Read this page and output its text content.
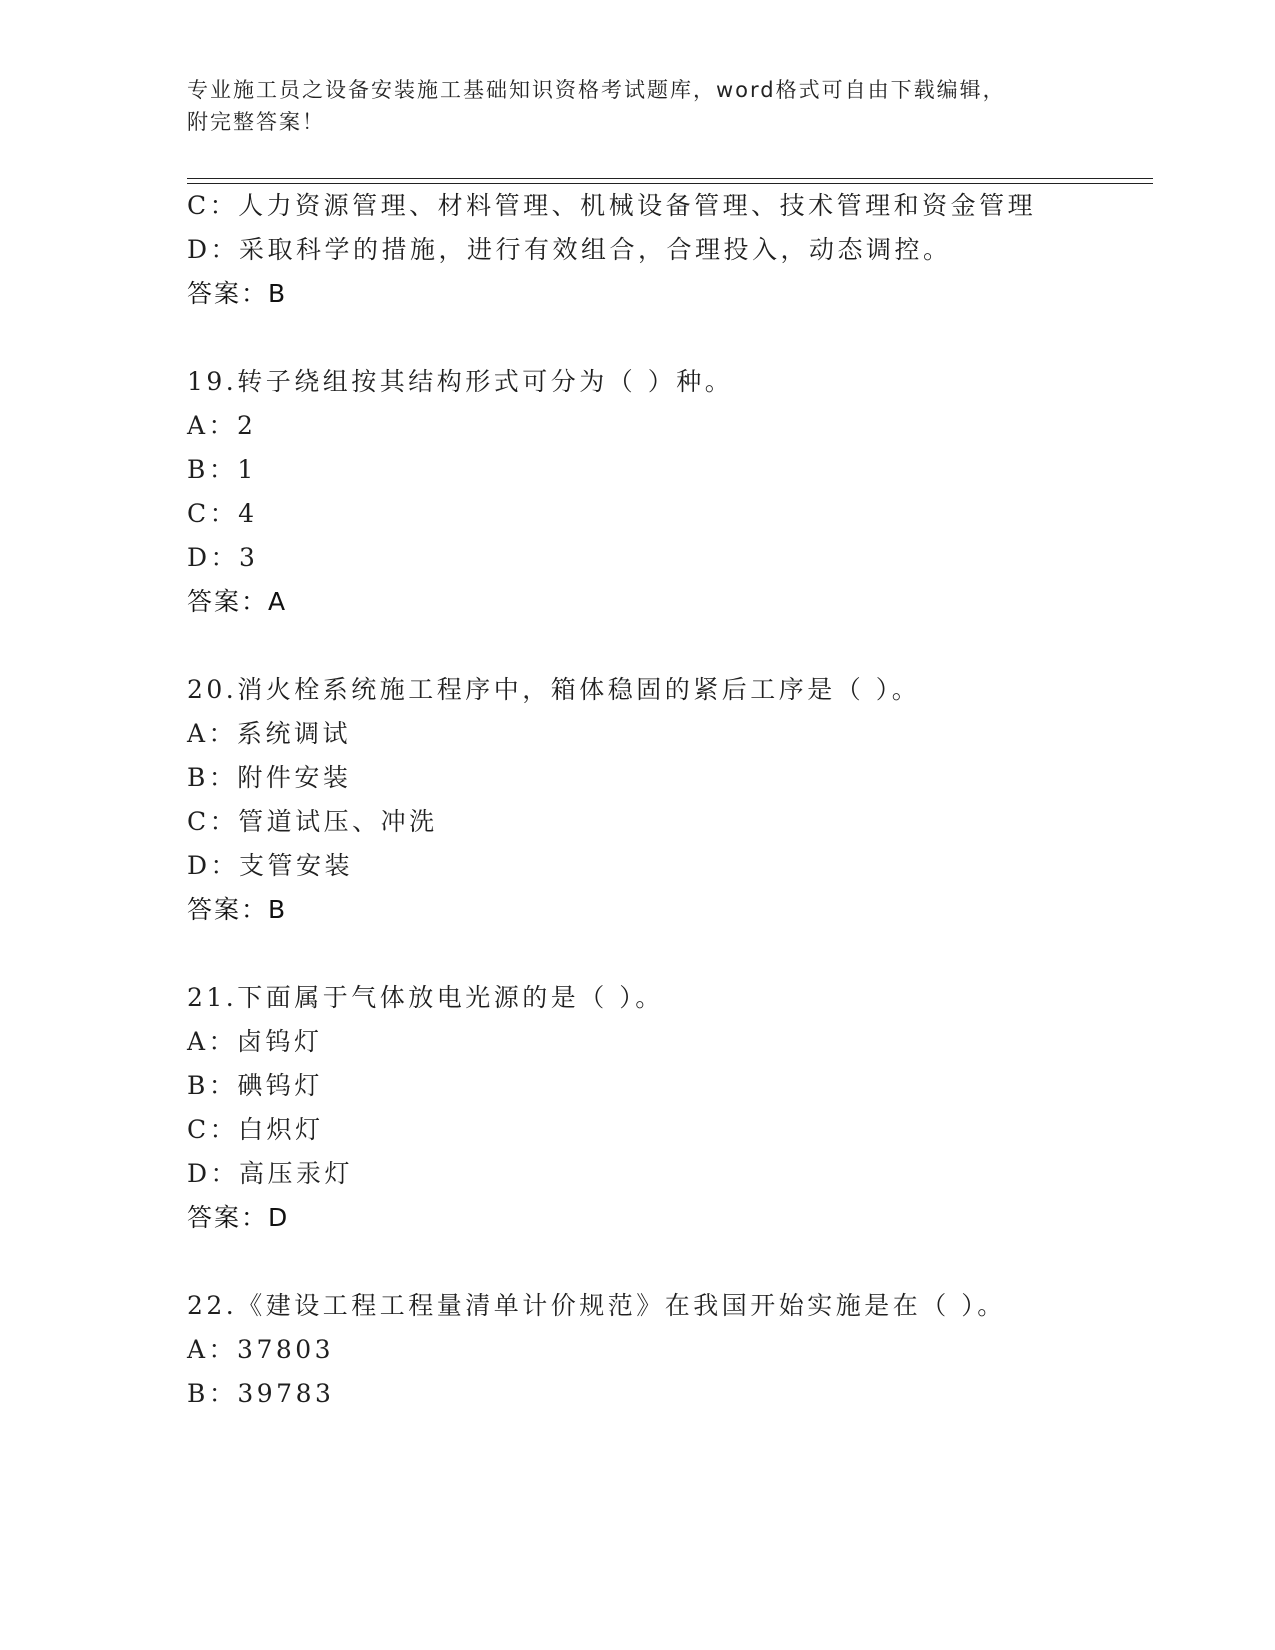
专业施工员之设备安装施工基础知识资格考试题库，word格式可自由下载编辑，
附完整答案！
C：人力资源管理、材料管理、机械设备管理、技术管理和资金管理
D：采取科学的措施，进行有效组合，合理投入，动态调控。
答案：B
19.转子绕组按其结构形式可分为（ ）种。
A：2
B：1
C：4
D：3
答案：A
20.消火栓系统施工程序中，箱体稳固的紧后工序是（ ）。
A：系统调试
B：附件安装
C：管道试压、冲洗
D：支管安装
答案：B
21.下面属于气体放电光源的是（ ）。
A：卤钨灯
B：碘钨灯
C：白炽灯
D：高压汞灯
答案：D
22.《建设工程工程量清单计价规范》在我国开始实施是在（ ）。
A：37803
B：39783
